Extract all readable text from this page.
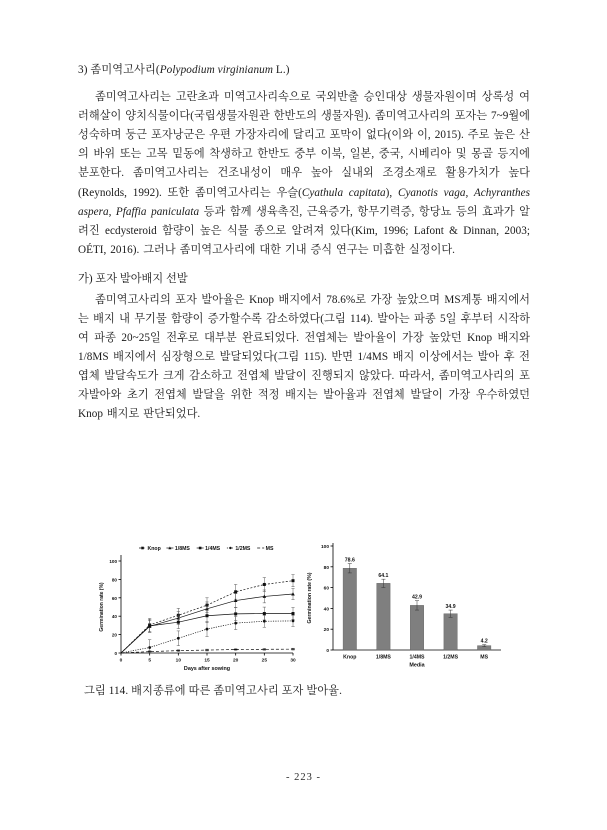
3) 좀미역고사리(Polypodium virginianum L.)

좀미역고사리는 고란초과 미역고사리속으로 국외반출 승인대상 생물자원이며 상록성 여러해살이 양치식물이다(국립생물자원관 한반도의 생물자원). 좀미역고사리의 포자는 7~9월에 성숙하며 둥근 포자낭군은 우편 가장자리에 달리고 포막이 없다(이와 이, 2015). 주로 높은 산의 바위 또는 고목 밑동에 착생하고 한반도 중부 이북, 일본, 중국, 시베리아 및 몽골 등지에 분포한다. 좀미역고사리는 건조내성이 매우 높아 실내외 조경소재로 활용가치가 높다(Reynolds, 1992). 또한 좀미역고사리는 우슬(Cyathula capitata), Cyanotis vaga, Achyranthes aspera, Pfaffia paniculata 등과 함께 생육촉진, 근육증가, 항무기력증, 항당뇨 등의 효과가 알려진 ecdysteroid 함량이 높은 식물 종으로 알려져 있다(Kim, 1996; Lafont & Dinnan, 2003; OÉTI, 2016). 그러나 좀미역고사리에 대한 기내 증식 연구는 미흡한 실정이다.

가) 포자 발아배지 선발

좀미역고사리의 포자 발아율은 Knop 배지에서 78.6%로 가장 높았으며 MS계통 배지에서는 배지 내 무기물 함량이 증가할수록 감소하였다(그림 114). 발아는 파종 5일 후부터 시작하여 파종 20~25일 전후로 대부분 완료되었다. 전엽체는 발아율이 가장 높았던 Knop 배지와 1/8MS 배지에서 심장형으로 발달되었다(그림 115). 반면 1/4MS 배지 이상에서는 발아 후 전엽체 발달속도가 크게 감소하고 전엽체 발달이 진행되지 않았다. 따라서, 좀미역고사리의 포자발아와 초기 전엽체 발달을 위한 적정 배지는 발아율과 전엽체 발달이 가장 우수하였던 Knop 배지로 판단되었다.

0
20
40
60
80
100
0	5	10	15	20	25	30
Days after sowing
Germination rate (%)
Knop	1/8MS	1/4MS	1/2MS	MS
0
20
40
60
80
100
78.6
Knop
64.1
1/8MS
42.9
1/4MS
34.9
1/2MS
4.2
MS
Media
Germination rate (%)
그림 114. 배지종류에 따른 좀미역고사리 포자 발아율.
- 223 -
